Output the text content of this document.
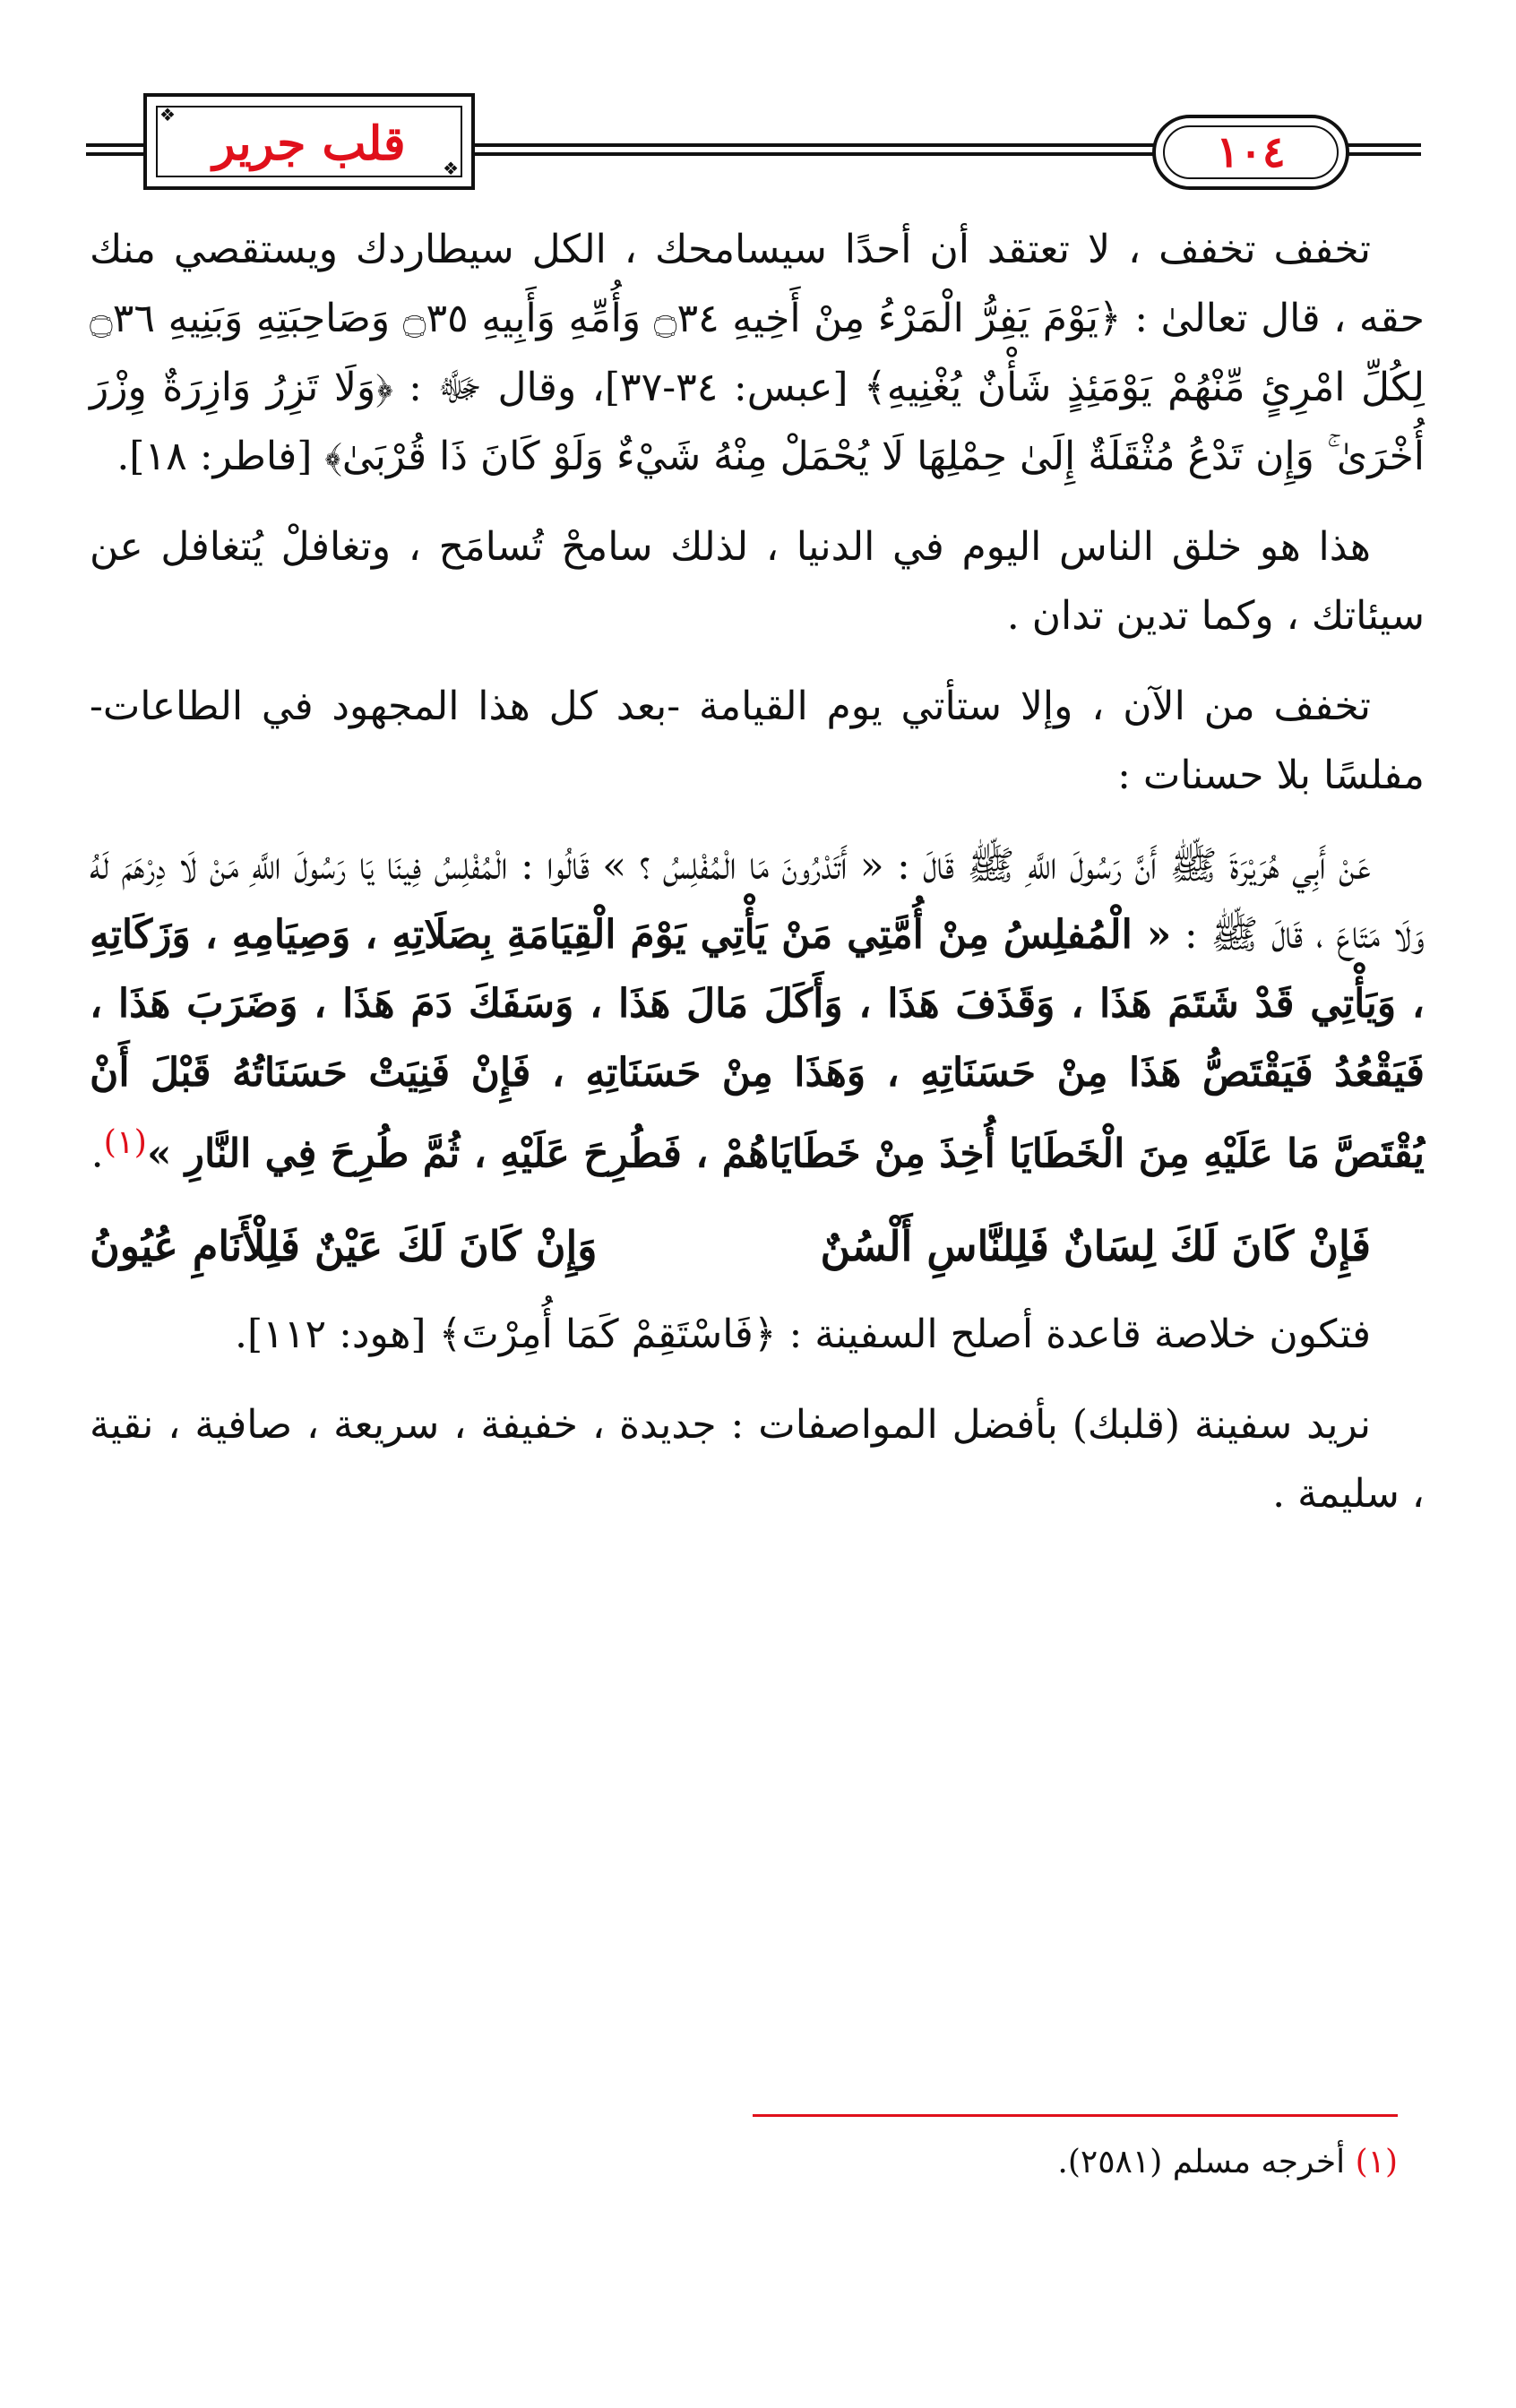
❖
❖
قلب جرير	١٠٤

تخفف تخفف ، لا تعتقد أن أحدًا سيسامحك ، الكل سيطاردك ويستقصي منك حقه ، قال تعالىٰ : ﴿يَوْمَ يَفِرُّ الْمَرْءُ مِنْ أَخِيهِ ۝٣٤ وَأُمِّهِ وَأَبِيهِ ۝٣٥ وَصَاحِبَتِهِ وَبَنِيهِ ۝٣٦ لِكُلِّ امْرِئٍ مِّنْهُمْ يَوْمَئِذٍ شَأْنٌ يُغْنِيهِ﴾ [عبس: ٣٤-٣٧]، وقال ﷻ : ﴿وَلَا تَزِرُ وَازِرَةٌ وِزْرَ أُخْرَىٰ ۚ وَإِن تَدْعُ مُثْقَلَةٌ إِلَىٰ حِمْلِهَا لَا يُحْمَلْ مِنْهُ شَيْءٌ وَلَوْ كَانَ ذَا قُرْبَىٰ﴾ [فاطر: ١٨].

هذا هو خلق الناس اليوم في الدنيا ، لذلك سامحْ تُسامَح ، وتغافلْ يُتغافل عن سيئاتك ، وكما تدين تدان .

تخفف من الآن ، وإلا ستأتي يوم القيامة -بعد كل هذا المجهود في الطاعات- مفلسًا بلا حسنات :

عَنْ أَبِي هُرَيْرَةَ ﷺ أَنَّ رَسُولَ اللَّهِ ﷺ قَالَ : « أَتَدْرُونَ مَا الْمُفْلِسُ ؟ » قَالُوا : الْمُفْلِسُ فِينَا يَا رَسُولَ اللَّهِ مَنْ لَا دِرْهَمَ لَهُ وَلَا مَتَاعَ ، قَالَ ﷺ : « الْمُفلِسُ مِنْ أُمَّتِي مَنْ يَأْتِي يَوْمَ الْقِيَامَةِ بِصَلَاتِهِ ، وَصِيَامِهِ ، وَزَكَاتِهِ ، وَيَأْتِي قَدْ شَتَمَ هَذَا ، وَقَذَفَ هَذَا ، وَأَكَلَ مَالَ هَذَا ، وَسَفَكَ دَمَ هَذَا ، وَضَرَبَ هَذَا ، فَيَقْعُدُ فَيَقْتَصُّ هَذَا مِنْ حَسَنَاتِهِ ، وَهَذَا مِنْ حَسَنَاتِهِ ، فَإِنْ فَنِيَتْ حَسَنَاتُهُ قَبْلَ أَنْ يُقْتَصَّ مَا عَلَيْهِ مِنَ الْخَطَايَا أُخِذَ مِنْ خَطَايَاهُمْ ، فَطُرِحَ عَلَيْهِ ، ثُمَّ طُرِحَ فِي النَّارِ »$^{(١)}$.
فَإِنْ كَانَ لَكَ لِسَانٌ فَلِلنَّاسِ أَلْسُنٌ
وَإِنْ كَانَ لَكَ عَيْنٌ فَلِلْأَنَامِ عُيُونُ

فتكون خلاصة قاعدة أصلح السفينة : ﴿فَاسْتَقِمْ كَمَا أُمِرْتَ﴾ [هود: ١١٢].

نريد سفينة (قلبك) بأفضل المواصفات : جديدة ، خفيفة ، سريعة ، صافية ، نقية ، سليمة .

(١) أخرجه مسلم (٢٥٨١).
